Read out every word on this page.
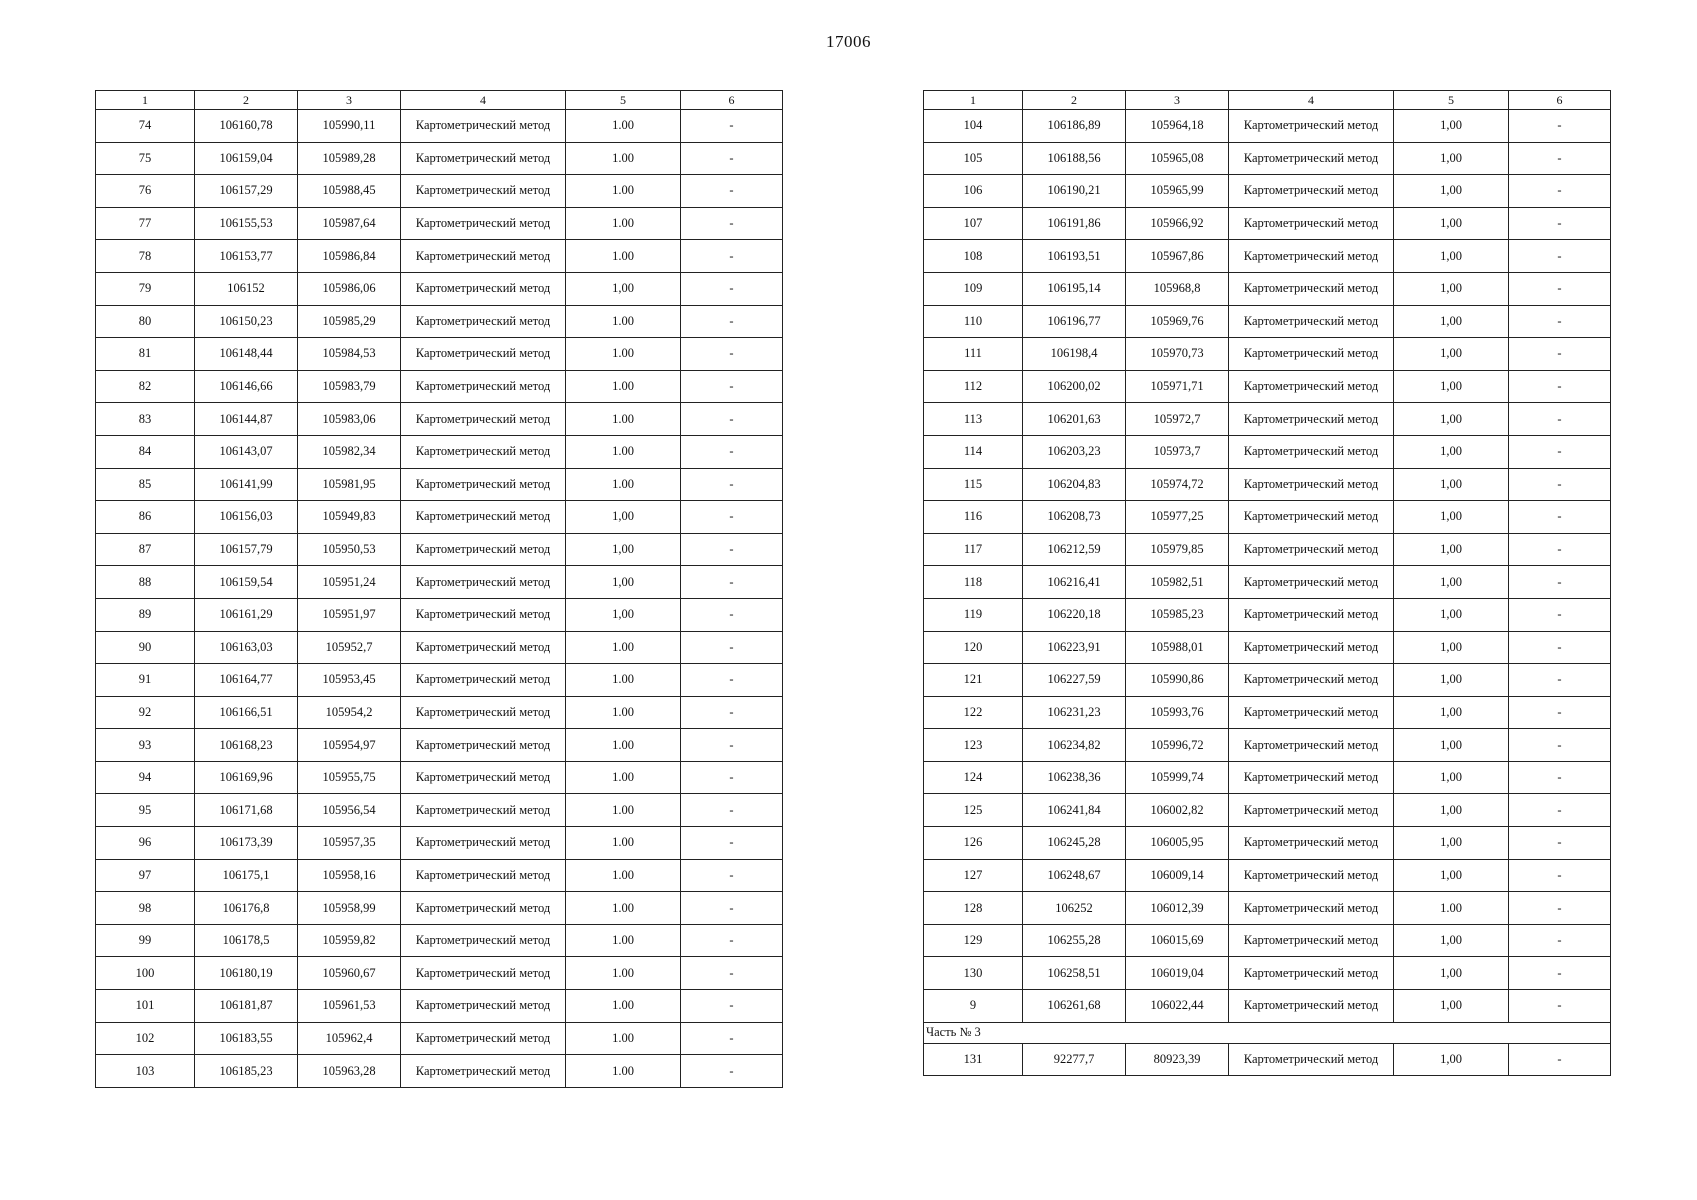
17006
1	2	3	4	5	6
74	106160,78	105990,11	Картометрический метод	1.00	-
75	106159,04	105989,28	Картометрический метод	1.00	-
76	106157,29	105988,45	Картометрический метод	1.00	-
77	106155,53	105987,64	Картометрический метод	1.00	-
78	106153,77	105986,84	Картометрический метод	1.00	-
79	106152	105986,06	Картометрический метод	1,00	-
80	106150,23	105985,29	Картометрический метод	1.00	-
81	106148,44	105984,53	Картометрический метод	1.00	-
82	106146,66	105983,79	Картометрический метод	1.00	-
83	106144,87	105983,06	Картометрический метод	1.00	-
84	106143,07	105982,34	Картометрический метод	1.00	-
85	106141,99	105981,95	Картометрический метод	1.00	-
86	106156,03	105949,83	Картометрический метод	1,00	-
87	106157,79	105950,53	Картометрический метод	1,00	-
88	106159,54	105951,24	Картометрический метод	1,00	-
89	106161,29	105951,97	Картометрический метод	1,00	-
90	106163,03	105952,7	Картометрический метод	1.00	-
91	106164,77	105953,45	Картометрический метод	1.00	-
92	106166,51	105954,2	Картометрический метод	1.00	-
93	106168,23	105954,97	Картометрический метод	1.00	-
94	106169,96	105955,75	Картометрический метод	1.00	-
95	106171,68	105956,54	Картометрический метод	1.00	-
96	106173,39	105957,35	Картометрический метод	1.00	-
97	106175,1	105958,16	Картометрический метод	1.00	-
98	106176,8	105958,99	Картометрический метод	1.00	-
99	106178,5	105959,82	Картометрический метод	1.00	-
100	106180,19	105960,67	Картометрический метод	1.00	-
101	106181,87	105961,53	Картометрический метод	1.00	-
102	106183,55	105962,4	Картометрический метод	1.00	-
103	106185,23	105963,28	Картометрический метод	1.00	-
1	2	3	4	5	6
104	106186,89	105964,18	Картометрический метод	1,00	-
105	106188,56	105965,08	Картометрический метод	1,00	-
106	106190,21	105965,99	Картометрический метод	1,00	-
107	106191,86	105966,92	Картометрический метод	1,00	-
108	106193,51	105967,86	Картометрический метод	1,00	-
109	106195,14	105968,8	Картометрический метод	1,00	-
110	106196,77	105969,76	Картометрический метод	1,00	-
111	106198,4	105970,73	Картометрический метод	1,00	-
112	106200,02	105971,71	Картометрический метод	1,00	-
113	106201,63	105972,7	Картометрический метод	1,00	-
114	106203,23	105973,7	Картометрический метод	1,00	-
115	106204,83	105974,72	Картометрический метод	1,00	-
116	106208,73	105977,25	Картометрический метод	1,00	-
117	106212,59	105979,85	Картометрический метод	1,00	-
118	106216,41	105982,51	Картометрический метод	1,00	-
119	106220,18	105985,23	Картометрический метод	1,00	-
120	106223,91	105988,01	Картометрический метод	1,00	-
121	106227,59	105990,86	Картометрический метод	1,00	-
122	106231,23	105993,76	Картометрический метод	1,00	-
123	106234,82	105996,72	Картометрический метод	1,00	-
124	106238,36	105999,74	Картометрический метод	1,00	-
125	106241,84	106002,82	Картометрический метод	1,00	-
126	106245,28	106005,95	Картометрический метод	1,00	-
127	106248,67	106009,14	Картометрический метод	1,00	-
128	106252	106012,39	Картометрический метод	1.00	-
129	106255,28	106015,69	Картометрический метод	1,00	-
130	106258,51	106019,04	Картометрический метод	1,00	-
9	106261,68	106022,44	Картометрический метод	1,00	-
Часть № 3					
131	92277,7	80923,39	Картометрический метод	1,00	-
